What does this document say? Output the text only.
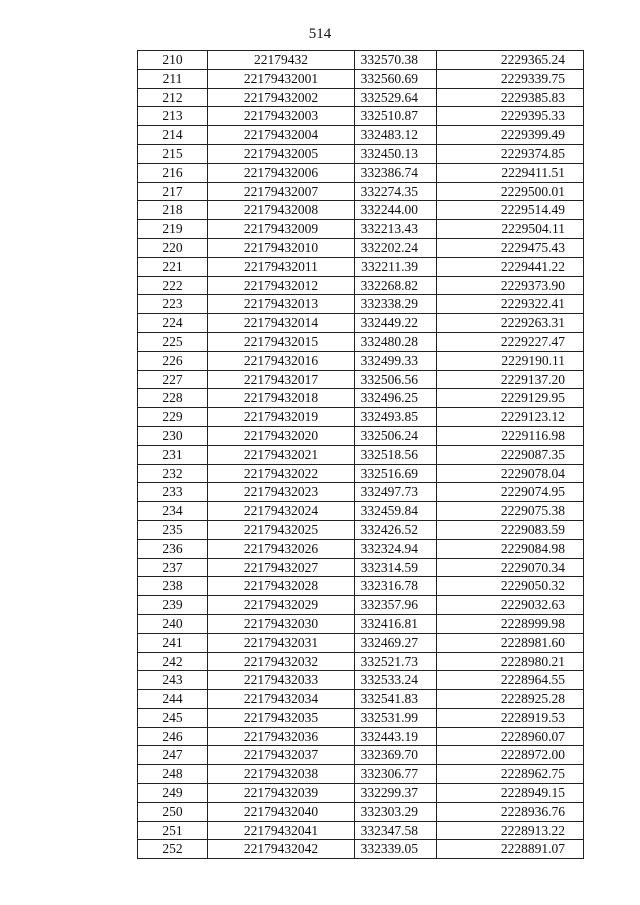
514
210	22179432	332570.38	2229365.24
211	22179432001	332560.69	2229339.75
212	22179432002	332529.64	2229385.83
213	22179432003	332510.87	2229395.33
214	22179432004	332483.12	2229399.49
215	22179432005	332450.13	2229374.85
216	22179432006	332386.74	2229411.51
217	22179432007	332274.35	2229500.01
218	22179432008	332244.00	2229514.49
219	22179432009	332213.43	2229504.11
220	22179432010	332202.24	2229475.43
221	22179432011	332211.39	2229441.22
222	22179432012	332268.82	2229373.90
223	22179432013	332338.29	2229322.41
224	22179432014	332449.22	2229263.31
225	22179432015	332480.28	2229227.47
226	22179432016	332499.33	2229190.11
227	22179432017	332506.56	2229137.20
228	22179432018	332496.25	2229129.95
229	22179432019	332493.85	2229123.12
230	22179432020	332506.24	2229116.98
231	22179432021	332518.56	2229087.35
232	22179432022	332516.69	2229078.04
233	22179432023	332497.73	2229074.95
234	22179432024	332459.84	2229075.38
235	22179432025	332426.52	2229083.59
236	22179432026	332324.94	2229084.98
237	22179432027	332314.59	2229070.34
238	22179432028	332316.78	2229050.32
239	22179432029	332357.96	2229032.63
240	22179432030	332416.81	2228999.98
241	22179432031	332469.27	2228981.60
242	22179432032	332521.73	2228980.21
243	22179432033	332533.24	2228964.55
244	22179432034	332541.83	2228925.28
245	22179432035	332531.99	2228919.53
246	22179432036	332443.19	2228960.07
247	22179432037	332369.70	2228972.00
248	22179432038	332306.77	2228962.75
249	22179432039	332299.37	2228949.15
250	22179432040	332303.29	2228936.76
251	22179432041	332347.58	2228913.22
252	22179432042	332339.05	2228891.07
